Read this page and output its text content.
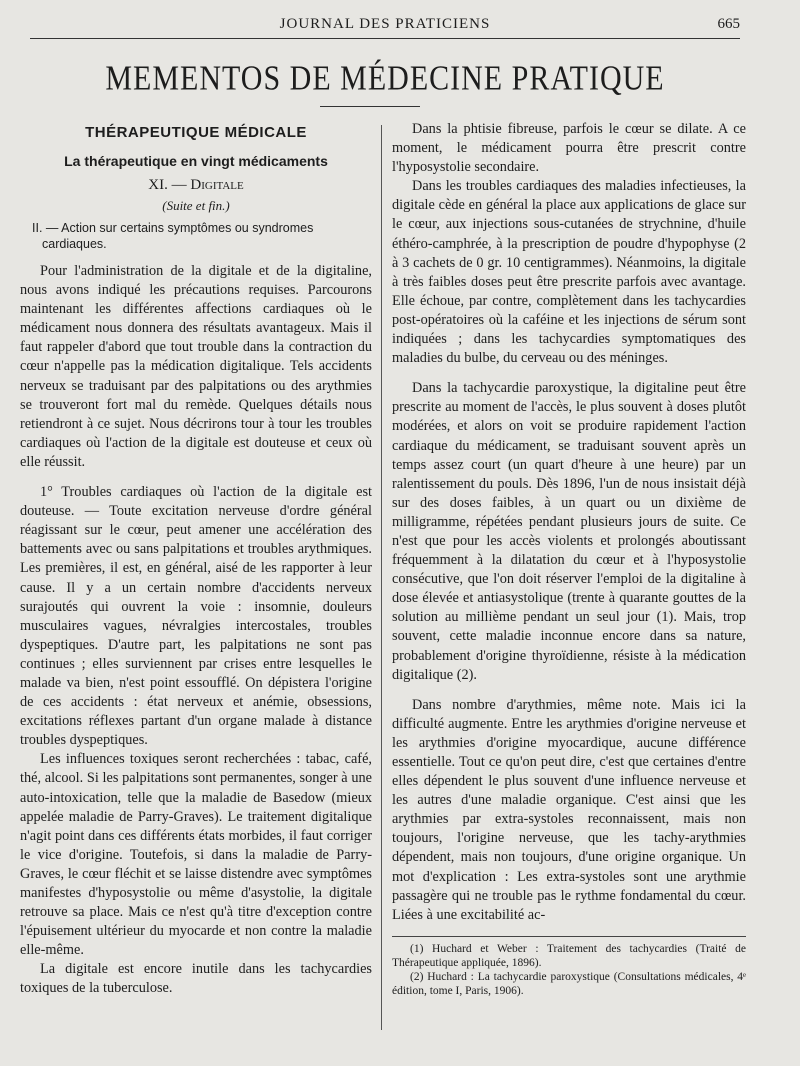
JOURNAL DES PRATICIENS	665
MEMENTOS DE MÉDECINE PRATIQUE
THÉRAPEUTIQUE MÉDICALE
La thérapeutique en vingt médicaments
XI. — Digitale
(Suite et fin.)
II. — Action sur certains symptômes ou syndromes cardiaques.

Pour l'administration de la digitale et de la digitaline, nous avons indiqué les précautions requises. Parcourons maintenant les différentes affections cardiaques où le médicament nous donnera des résultats avantageux. Mais il faut rappeler d'abord que tout trouble dans la contraction du cœur n'appelle pas la médication digitalique. Tels accidents nerveux se traduisant par des palpitations ou des arythmies se trouveront fort mal du remède. Quelques détails nous retiendront à ce sujet. Nous décrirons tour à tour les troubles cardiaques où l'action de la digitale est douteuse et ceux où elle réussit.

1° Troubles cardiaques où l'action de la digitale est douteuse. — Toute excitation nerveuse d'ordre général réagissant sur le cœur, peut amener une accélération des battements avec ou sans palpitations et troubles arythmiques. Les premières, il est, en général, aisé de les rapporter à leur cause. Il y a un certain nombre d'accidents nerveux surajoutés qui ouvrent la voie : insomnie, douleurs musculaires vagues, névralgies intercostales, troubles dyspeptiques. D'autre part, les palpitations ne sont pas continues ; elles surviennent par crises entre lesquelles le malade va bien, n'est point essoufflé. On dépistera l'origine de ces accidents : état nerveux et anémie, obsessions, excitations réflexes partant d'un organe malade à distance troubles dyspeptiques.

Les influences toxiques seront recherchées : tabac, café, thé, alcool. Si les palpitations sont permanentes, songer à une auto-intoxication, telle que la maladie de Basedow (mieux appelée maladie de Parry-Graves). Le traitement digitalique n'agit point dans ces différents états morbides, il faut corriger le vice d'origine. Toutefois, si dans la maladie de Parry-Graves, le cœur fléchit et se laisse distendre avec symptômes manifestes d'hyposystolie ou même d'asystolie, la digitale retrouve sa place. Mais ce n'est qu'à titre d'exception contre l'épuisement ultérieur du myocarde et non contre la maladie elle-même.

La digitale est encore inutile dans les tachycardies toxiques de la tuberculose.

Dans la phtisie fibreuse, parfois le cœur se dilate. A ce moment, le médicament pourra être prescrit contre l'hyposystolie secondaire.

Dans les troubles cardiaques des maladies infectieuses, la digitale cède en général la place aux applications de glace sur le cœur, aux injections sous-cutanées de strychnine, d'huile éthéro-camphrée, à la prescription de poudre d'hypophyse (2 à 3 cachets de 0 gr. 10 centigrammes). Néanmoins, la digitale à très faibles doses peut être prescrite parfois avec avantage. Elle échoue, par contre, complètement dans les tachycardies post-opératoires où la caféine et les injections de sérum sont indiquées ; dans les tachycardies symptomatiques des maladies du bulbe, du cerveau ou des méninges.

Dans la tachycardie paroxystique, la digitaline peut être prescrite au moment de l'accès, le plus souvent à doses plutôt modérées, et alors on voit se produire rapidement l'action cardiaque du médicament, se traduisant souvent après un temps assez court (un quart d'heure à une heure) par un ralentissement du pouls. Dès 1896, l'un de nous insistait déjà sur des doses faibles, à un quart ou un dixième de milligramme, répétées pendant plusieurs jours de suite. Ce n'est que pour les accès violents et prolongés aboutissant fréquemment à la dilatation du cœur et à l'hyposystolie consécutive, que l'on doit réserver l'emploi de la digitaline à dose élevée et antiasystolique (trente à quarante gouttes de la solution au millième pendant un seul jour (1). Mais, trop souvent, cette maladie inconnue encore dans sa nature, probablement d'origine thyroïdienne, résiste à la médication digitalique (2).

Dans nombre d'arythmies, même note. Mais ici la difficulté augmente. Entre les arythmies d'origine nerveuse et les arythmies d'origine myocardique, aucune différence essentielle. Tout ce qu'on peut dire, c'est que certaines d'entre elles dépendent le plus souvent d'une influence nerveuse et les autres d'une maladie organique. C'est ainsi que les arythmies par extra-systoles reconnaissent, mais non toujours, l'origine nerveuse, que les tachy-arythmies dépendent, mais non toujours, d'une origine organique. Un mot d'explication : Les extra-systoles sont une arythmie passagère qui ne trouble pas le rythme fondamental du cœur. Liées à une excitabilité ac-

(1) Huchard et Weber : Traitement des tachycardies (Traité de Thérapeutique appliquée, 1896).

(2) Huchard : La tachycardie paroxystique (Consultations médicales, 4ᵉ édition, tome I, Paris, 1906).
